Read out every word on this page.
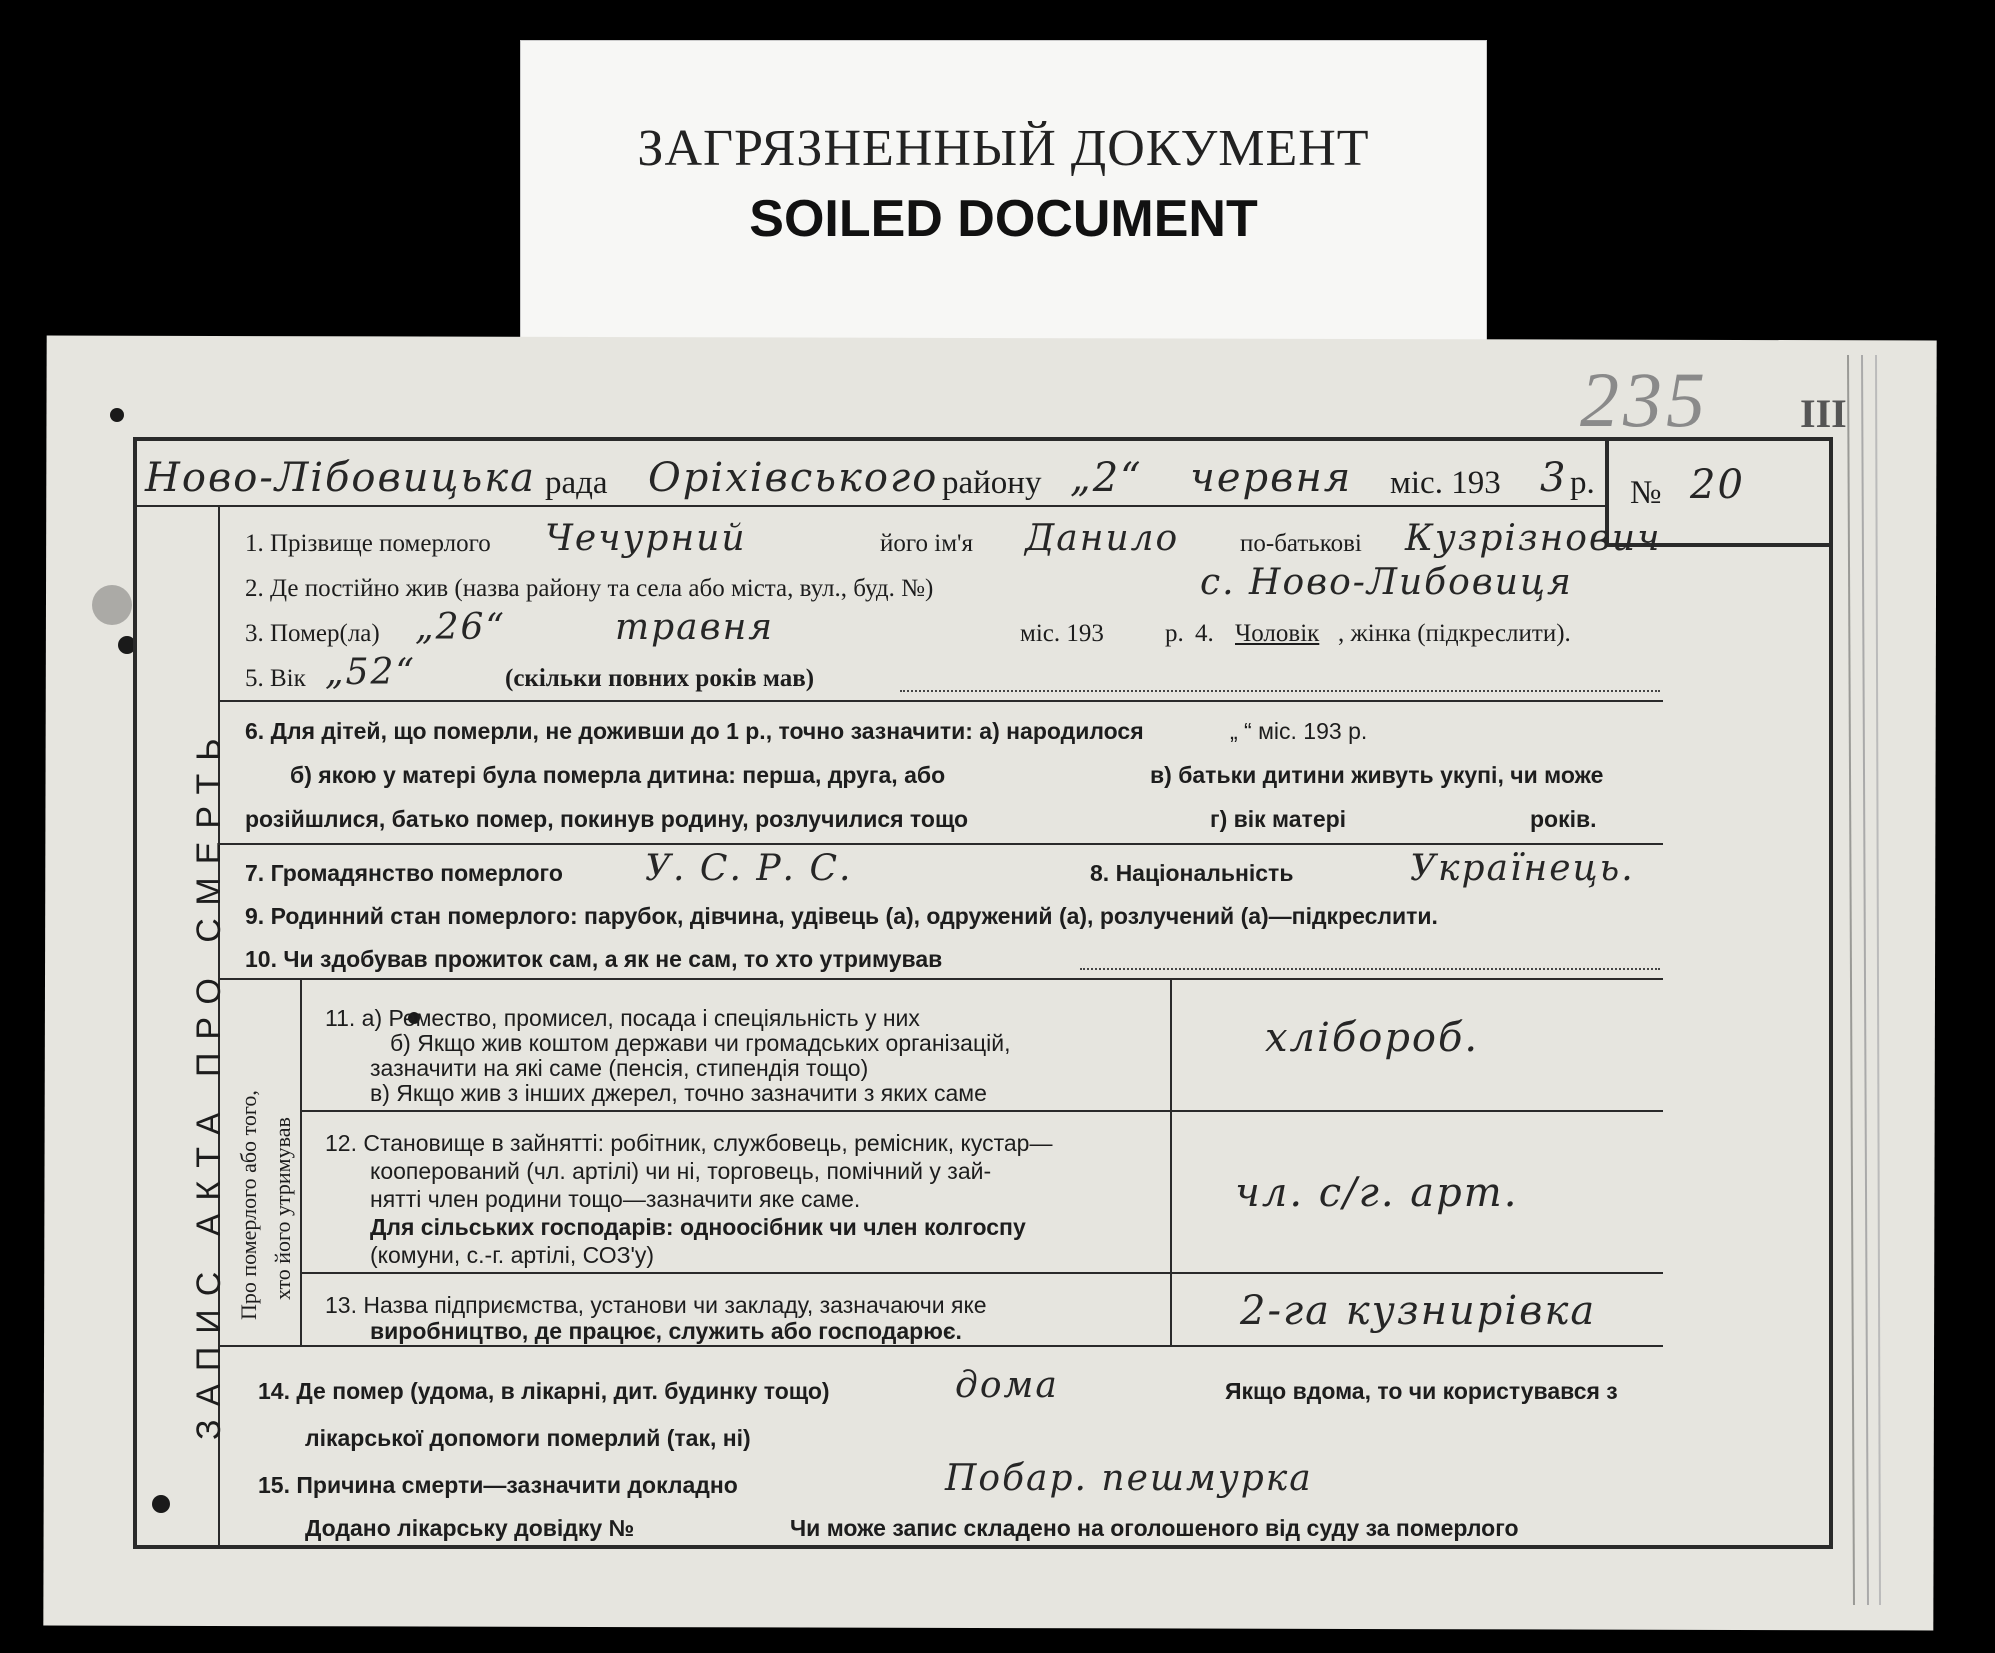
ЗАГРЯЗНЕННЫЙ ДОКУМЕНТ
SOILED DOCUMENT
235 III
Ново-Лібовицька рада Оріхівського району „2“ червня міс. 193 3 р. № 20
ЗАПИС АКТА ПРО СМЕРТЬ
1. Прізвище померлого Чечурний	його ім'я Данило по-батькові Кузрізнович
2. Де постійно жив (назва району та села або міста, вул., буд. №)	с. Ново-Либовиця
3. Помер(ла) „26“	травня	міс. 193 р. 4. Чоловік , жінка (підкреслити).
5. Вік „52“	(скільки повних років мав)
6. Для дітей, що померли, не доживши до 1 р., точно зазначити: а) народилося	„ “ міс. 193 р.
б) якою у матері була померла дитина: перша, друга, або	в) батьки дитини живуть укупі, чи може
розійшлися, батько помер, покинув родину, розлучилися тощо	г) вік матері	років.
7. Громадянство померлого У. С. Р. С.	8. Національність	Українець.
9. Родинний стан померлого: парубок, дівчина, удівець (а), одружений (а), розлучений (а)—підкреслити.
10. Чи здобував прожиток сам, а як не сам, то хто утримував
Про померлого або того, хто його утримував
11. а) Ремество, промисел, посада і спеціяльність у них
б) Якщо жив коштом держави чи громадських організацій,
зазначити на які саме (пенсія, стипендія тощо)
в) Якщо жив з інших джерел, точно зазначити з яких саме
хлібороб.
12. Становище в зайнятті: робітник, службовець, ремісник, кустар—
кооперований (чл. артілі) чи ні, торговець, помічний у зай-
нятті член родини тощо—зазначити яке саме.
Для сільських господарів: одноосібник чи член колгоспу
(комуни, с.-г. артілі, СОЗ'у)
чл. с/г. арт.
13. Назва підприємства, установи чи закладу, зазначаючи яке
виробництво, де працює, служить або господарює.	2-га кузнирівка
14. Де помер (удома, в лікарні, дит. будинку тощо)	дома	Якщо вдома, то чи користувався з
лікарської допомоги померлий (так, ні)
15. Причина смерти—зазначити докладно	Побар. пешмурка
Додано лікарську довідку №	Чи може запис складено на оголошеного від суду за померлого
